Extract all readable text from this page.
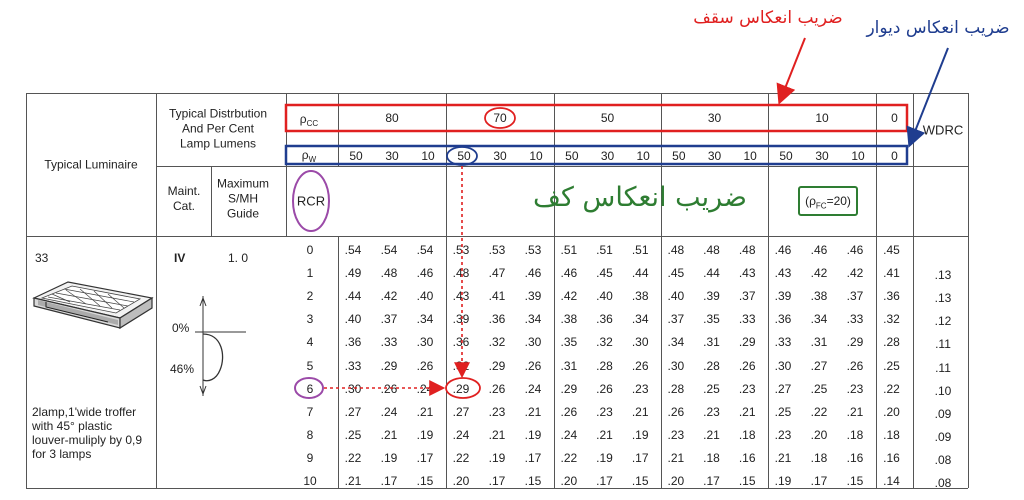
ضریب انعکاس سقف	ضریب انعکاس دیوار
Typical Luminaire
Typical Distrbution
And Per Cent
Lamp Lumens
Maint.
Cat.
Maximum
S/MH
Guide
RCR
WDRC
$\rho_{CC}$
$\rho_W$
80	70	50	30	10	0
50 30 10 50 30 10 50 30 10 50 30 10 50 30 10 0
ضریب انعکاس کف	$(\rho_{FC}=20)$
33	IV	1. 0
0%
46%
2lamp,1'wide troffer
with 45° plastic
louver-muliply by 0,9
for 3 lamps
0	.54 .54 .54 .53 .53 .53 .51 .51 .51 .48 .48 .48 .46 .46 .46 .45
1	.49 .48 .46 .48 .47 .46 .46 .45 .44 .45 .44 .43 .43 .42 .42 .41	.13
2	.44 .42 .40 .43 .41 .39 .42 .40 .38 .40 .39 .37 .39 .38 .37 .36	.13
3	.40 .37 .34 .39 .36 .34 .38 .36 .34 .37 .35 .33 .36 .34 .33 .32	.12
4	.36 .33 .30 .36 .32 .30 .35 .32 .30 .34 .31 .29 .33 .31 .29 .28	.11
5	.33 .29 .26 .32 .29 .26 .31 .28 .26 .30 .28 .26 .30 .27 .26 .25	.11
6	.30 .26 .24 .29 .26 .24 .29 .26 .23 .28 .25 .23 .27 .25 .23 .22	.10
7	.27 .24 .21 .27 .23 .21 .26 .23 .21 .26 .23 .21 .25 .22 .21 .20	.09
8	.25 .21 .19 .24 .21 .19 .24 .21 .19 .23 .21 .18 .23 .20 .18 .18	.09
9	.22 .19 .17 .22 .19 .17 .22 .19 .17 .21 .18 .16 .21 .18 .16 .16	.08
10 .21 .17 .15 .20 .17 .15 .20 .17 .15 .20 .17 .15 .19 .17 .15 .14	.08
